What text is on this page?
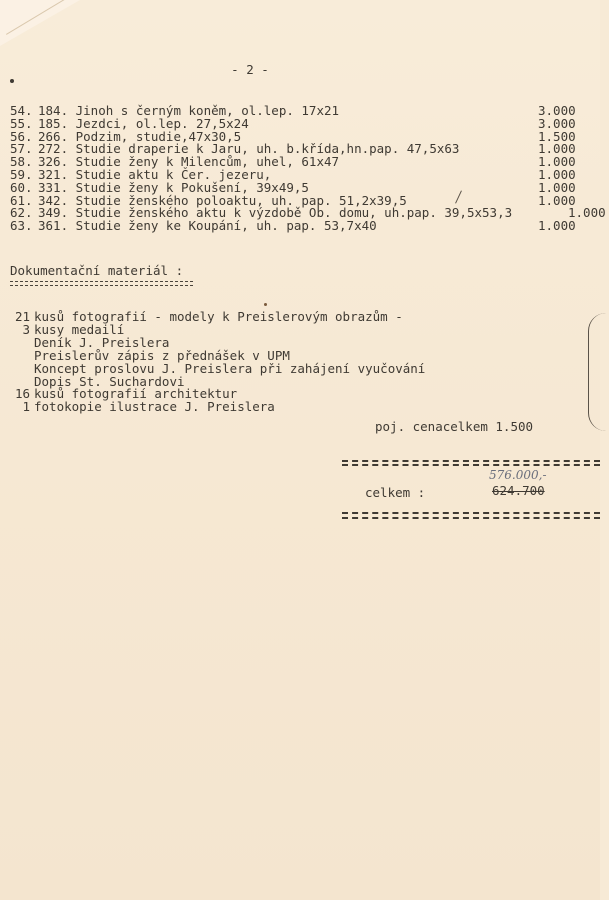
- 2 -
54. 184. Jinoh s černým koněm, ol.lep. 17x21	3.000
55. 185. Jezdci, ol.lep. 27,5x24	3.000
56. 266. Podzim, studie,47x30,5	1.500
57. 272. Studie draperie k Jaru, uh. b.křída,hn.pap. 47,5x63	1.000
58. 326. Studie ženy k Milencům, uhel, 61x47	1.000
59. 321. Studie aktu k Čer. jezeru,	1.000
60. 331. Studie ženy k Pokušení, 39x49,5	1.000
61. 342. Studie ženského poloaktu, uh. pap. 51,2x39,5	1.000
62. 349. Studie ženského aktu k výzdobě Ob. domu, uh.pap. 39,5x53,3	1.000
63. 361. Studie ženy ke Koupání, uh. pap. 53,7x40	1.000
Dokumentační materiál :
21 kusů fotografií - modely k Preislerovým obrazům -
3 kusy medailí
Deník J. Preislera
Preislerův zápis z přednášek v UPM
Koncept proslovu J. Preislera při zahájení vyučování
Dopis St. Suchardovi
16 kusů fotografií architektur
1 fotokopie ilustrace J. Preislera
poj. cenacelkem 1.500
576.000,-
celkem :	624.700
